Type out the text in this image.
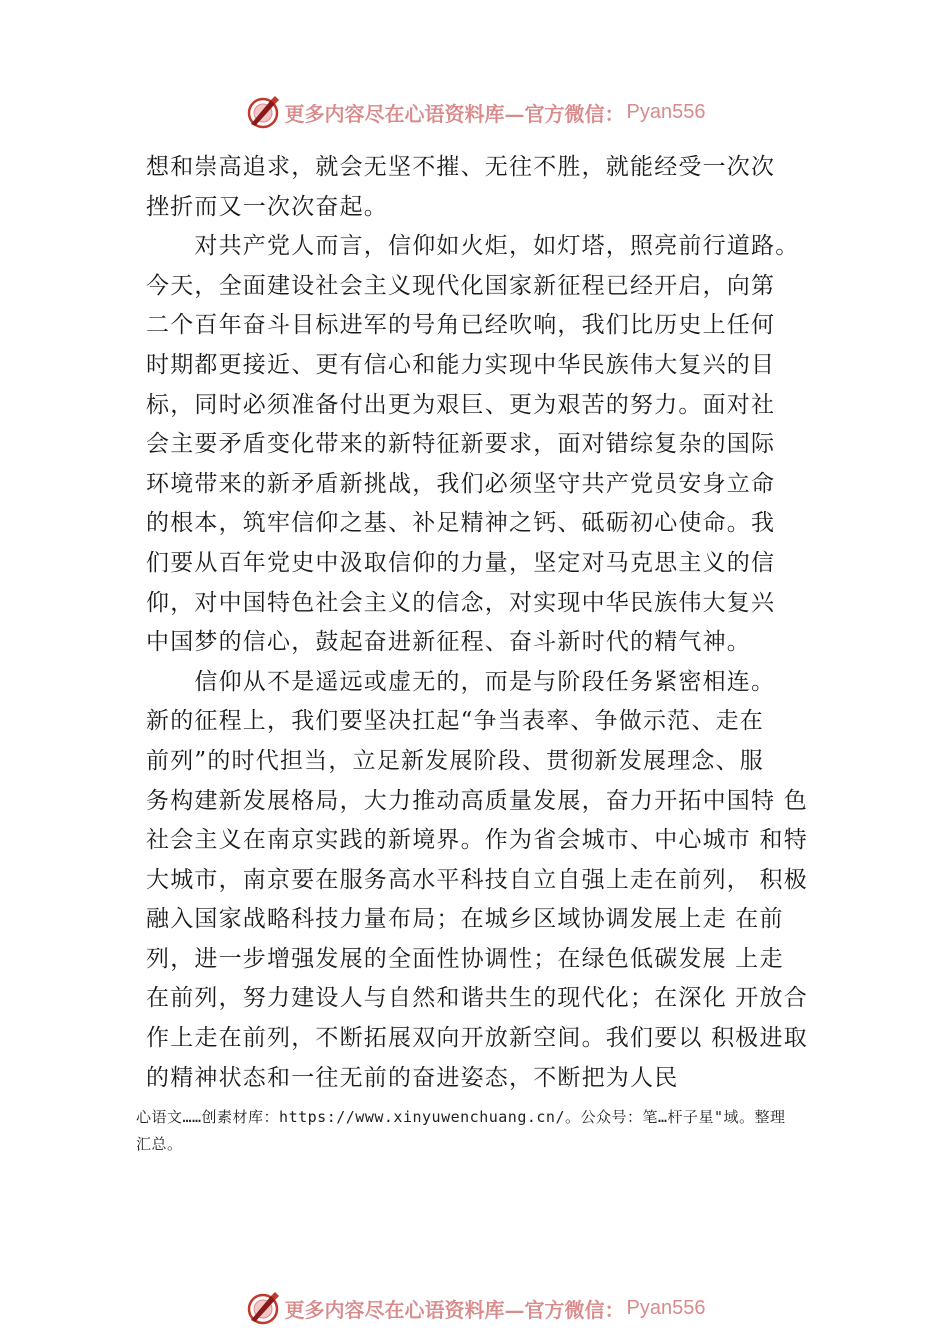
更多内容尽在心语资料库—官方微信： Pyan556
想和崇高追求，就会无坚不摧、无往不胜，就能经受一次次
挫折而又一次次奋起。
　　对共产党人而言，信仰如火炬，如灯塔，照亮前行道路。
今天，全面建设社会主义现代化国家新征程已经开启，向第
二个百年奋斗目标进军的号角已经吹响，我们比历史上任何
时期都更接近、更有信心和能力实现中华民族伟大复兴的目
标，同时必须准备付出更为艰巨、更为艰苦的努力。面对社
会主要矛盾变化带来的新特征新要求，面对错综复杂的国际
环境带来的新矛盾新挑战，我们必须坚守共产党员安身立命
的根本，筑牢信仰之基、补足精神之钙、砥砺初心使命。我
们要从百年党史中汲取信仰的力量，坚定对马克思主义的信
仰，对中国特色社会主义的信念，对实现中华民族伟大复兴
中国梦的信心，鼓起奋进新征程、奋斗新时代的精气神。
　　信仰从不是遥远或虚无的，而是与阶段任务紧密相连。
新的征程上，我们要坚决扛起“争当表率、争做示范、走在
前列”的时代担当，立足新发展阶段、贯彻新发展理念、服
务构建新发展格局，大力推动高质量发展，奋力开拓中国特 色
社会主义在南京实践的新境界。作为省会城市、中心城市 和特
大城市，南京要在服务高水平科技自立自强上走在前列， 积极
融入国家战略科技力量布局；在城乡区域协调发展上走 在前
列，进一步增强发展的全面性协调性；在绿色低碳发展 上走
在前列，努力建设人与自然和谐共生的现代化；在深化 开放合
作上走在前列，不断拓展双向开放新空间。我们要以 积极进取
的精神状态和一往无前的奋进姿态，不断把为人民
心语文……创素材库：https://www.xinyuwenchuang.cn/。公众号：笔…杆子星"域。整理
汇总。
更多内容尽在心语资料库—官方微信： Pyan556
